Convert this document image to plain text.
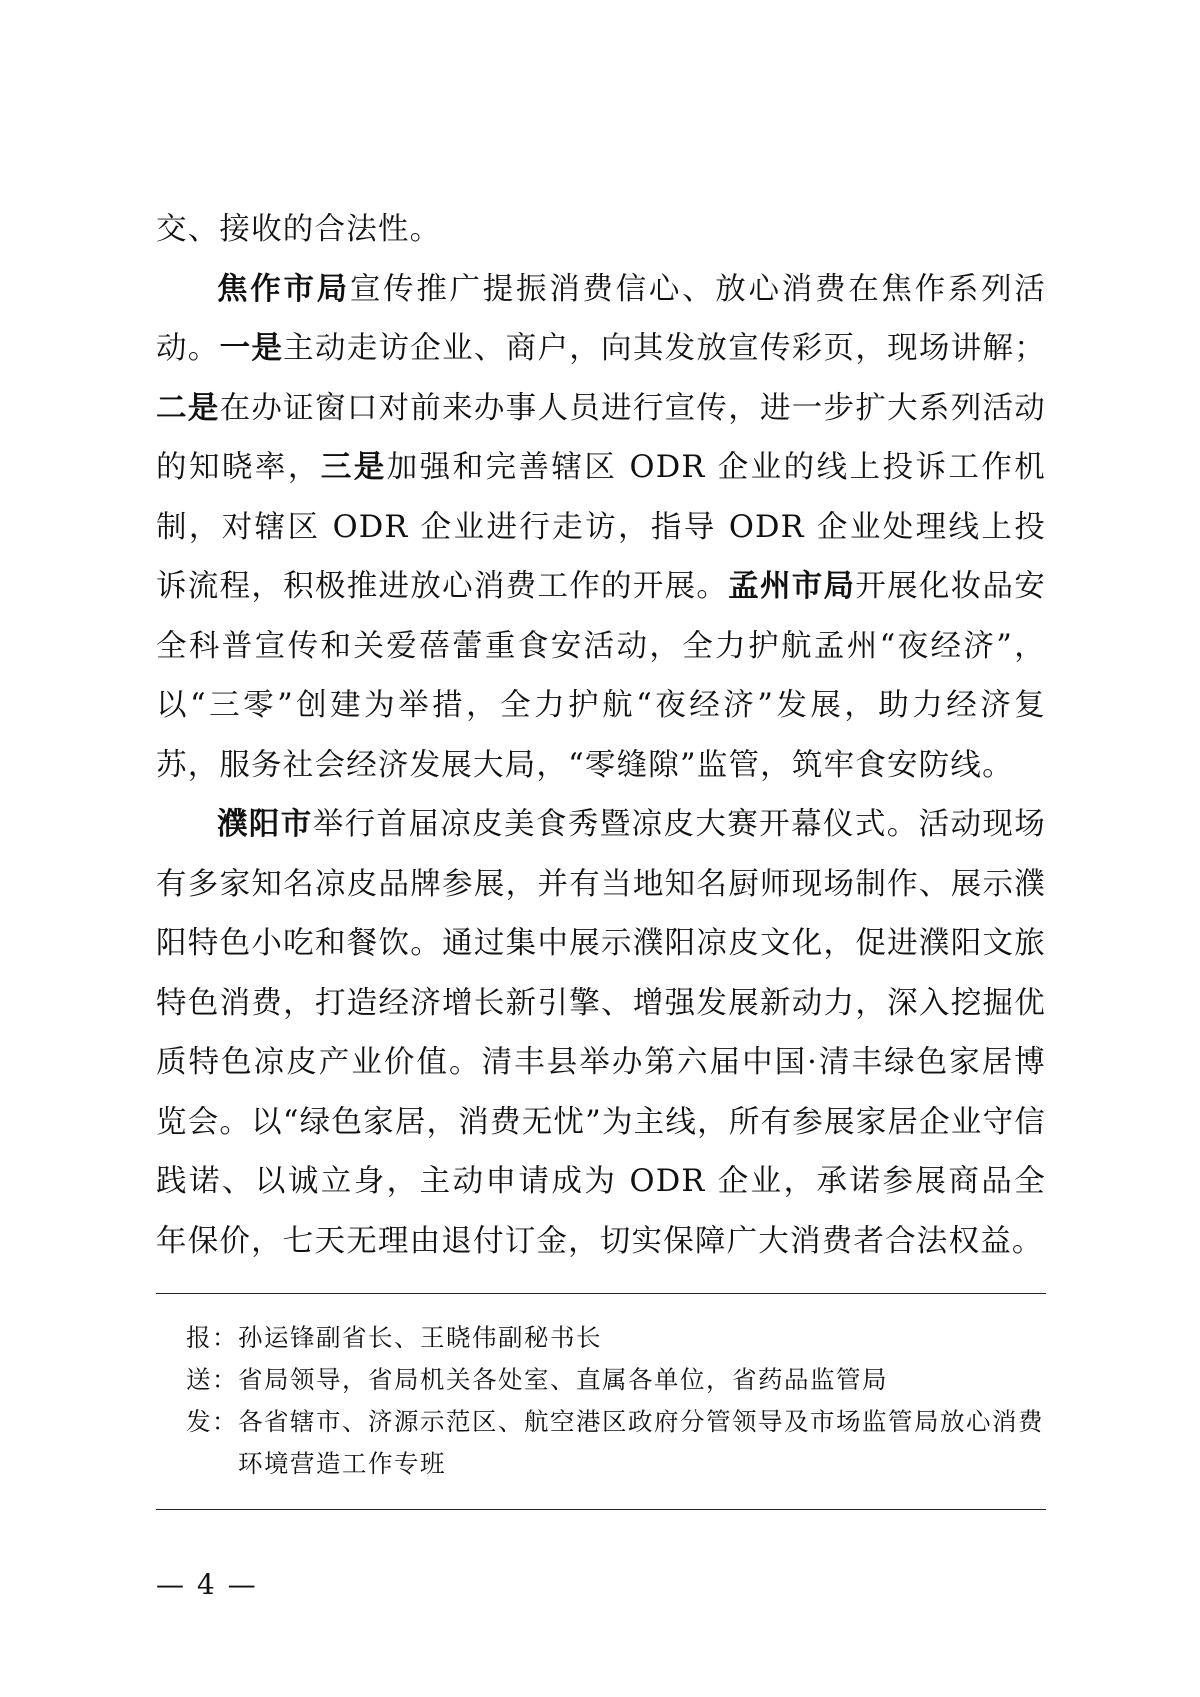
交、接收的合法性。

焦作市局宣传推广提振消费信心、放心消费在焦作系列活动。一是主动走访企业、商户，向其发放宣传彩页，现场讲解；二是在办证窗口对前来办事人员进行宣传，进一步扩大系列活动的知晓率，三是加强和完善辖区 ODR 企业的线上投诉工作机制，对辖区 ODR 企业进行走访，指导 ODR 企业处理线上投诉流程，积极推进放心消费工作的开展。孟州市局开展化妆品安全科普宣传和关爱蓓蕾重食安活动，全力护航孟州“夜经济”，以“三零”创建为举措，全力护航“夜经济”发展，助力经济复苏，服务社会经济发展大局，“零缝隙”监管，筑牢食安防线。

濮阳市举行首届凉皮美食秀暨凉皮大赛开幕仪式。活动现场有多家知名凉皮品牌参展，并有当地知名厨师现场制作、展示濮阳特色小吃和餐饮。通过集中展示濮阳凉皮文化，促进濮阳文旅特色消费，打造经济增长新引擎、增强发展新动力，深入挖掘优质特色凉皮产业价值。清丰县举办第六届中国·清丰绿色家居博览会。以“绿色家居，消费无忧”为主线，所有参展家居企业守信践诺、以诚立身，主动申请成为 ODR 企业，承诺参展商品全年保价，七天无理由退付订金，切实保障广大消费者合法权益。

报： 孙运锋副省长、王晓伟副秘书长
送： 省局领导，省局机关各处室、直属各单位，省药品监管局
发： 各省辖市、济源示范区、航空港区政府分管领导及市场监管局放心消费环境营造工作专班
— 4 —
